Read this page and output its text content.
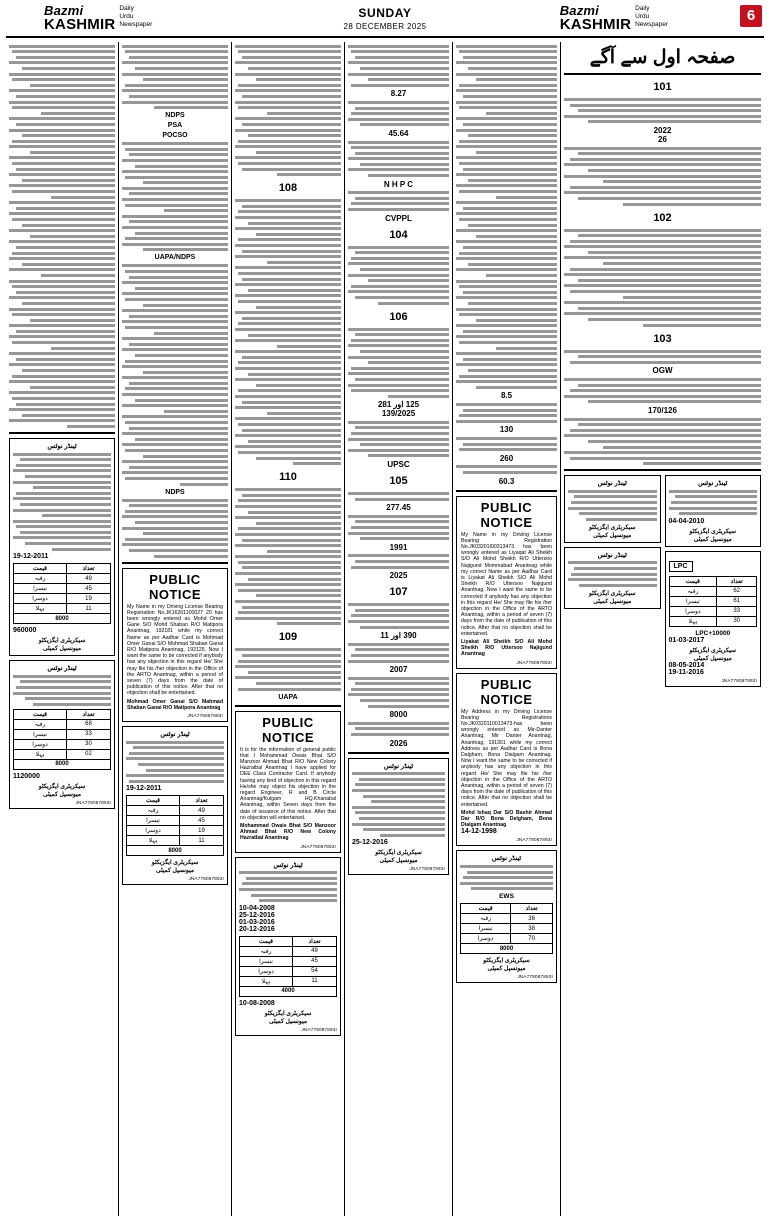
Bazmi
KASHMIR
Daily
Urdu
Newspaper
SUNDAY
28 DECEMBER 2025
Bazmi
KASHMIR
Daily
Urdu
Newspaper
6
ٹینڈر نوٹس
19-12-2011
تعداد	قیمت
49	رقبہ
45	تیسرا
19	دوسرا
11	پہلا
8000	
960000
سیکریٹری ایگزیکٹو
میونسپل کمیٹی
ٹینڈر نوٹس
تعداد	قیمت
68	رقبہ
33	تیسرا
30	دوسرا
02	پہلا
8000	
1120000
سیکریٹری ایگزیکٹو
میونسپل کمیٹی
JNA778087893I
NDPS
PSA
POCSO
UAPA/NDPS
NDPS
PUBLIC NOTICE
My Name in my Driving License Bearing Registration No.JK16201100027 20 has been wrongly entered as Mohd Omer Gane S/O Mohd Shaban R/O Matipora Anantnag, 192181 while my correct Name as per Aadhar Card is Mohmad Omer Ganai S/O Mohmad Shaban Ganai R/O Matipora Anantnag, 192125. Now I want the same to be corrected if anybody has any objection in this regard He/ She may file his /her objection in the Office of the ARTO Anantnag, within a period of seven (7) days from the date of publication of this notice. After that no objection shall be entertained.
Mohmad Omer Ganai S/O Mahmad Shaban Ganai R/O Matipora Anantnag
JNA778087893I
ٹینڈر نوٹس
19-12-2011
تعداد	قیمت
49	رقبہ
45	تیسرا
19	دوسرا
11	پہلا
8000	
سیکریٹری ایگزیکٹو
میونسپل کمیٹی
JNA778087893I
108
110
109
UAPA
PUBLIC NOTICE
It is for the information of general public that I Mohammad Owais Bhat S/O Manzoor Ahmad Bhat R/O New Colony Hazratbal Anantnag I have applied for DEE Class Contractor Card. If anybody having any kind of objection in this regard He/she may object his objection in the regard Engineer, R and B Circle Anantnag/Kulgam HQ.Khanabal Anantnag, within Seven days from the date of issuance of this notice. After that no objection will entertained.
Mohammad Owais Bhat S/O Manzoor Ahmad Bhat R/O New Colony Hazratbal Anantnag
JNA778087893I
ٹینڈر نوٹس
10-04-2008
25-12-2016
01-03-2016
20-12-2016
تعداد	قیمت
49	رقبہ
45	تیسرا
54	دوسرا
11	پہلا
4000	
10-08-2008
سیکریٹری ایگزیکٹو
میونسپل کمیٹی
JNA778087893I
8.27
45.64
N H P C
CVPPL
104
106
125 اور 281
139/2025
UPSC
105
277.45
1991
2025
107
390 اور 11
2007
8000
2026
ٹینڈر نوٹس
25-12-2016
سیکریٹری ایگزیکٹو
میونسپل کمیٹی
JNA778087893I
8.5
130
260
60.3
PUBLIC NOTICE
My Name in my Driving License Bearing Registration No.JK03201I00313473 has been wrongly entered as Liyaqat Ali Sheikh S/O Ali Mohd Sheikh R/O Uttersoo Najigund Mommabad Anantnag while my correct Name as per Aadhar Card is Liyakat Ali Sheikh S/O Ali Mohd Sheikh R/O Uttersoo Najigund Anantnag. Now I want the same to be corrected if anybody has any objection in this regard He/ She may file his /her objection in the Office of the ARTO Anantnag, within a period of seven (7) days from the date of publication of this notice. After that no objection shall be entertained.
Liyakat Ali Sheikh S/O Ali Mohd Sheikh R/O Uttersoo Najigund Anantnag
JNA778087893I
PUBLIC NOTICE
My Address in my Driving License Bearing Registrations No.JK0320110013473-has been wrongly entered as Mir-Danter Anantnag, Mir Danter Anantnag, Anantnag, 191301 while my correct Address as per Aadhar Card is Bona Dalgham, Bona Dialgam Anantnag. Now I want the same to be corrected if anybody has any objection in this regard He/ She may file his /her objection in the Office of the ARTO Anantnag, within a period of seven (7) days from the date of publication of this notice. After that no objection shall be entertained.
Mohd Ishaq Dar S/O Bashir Ahmad Dar R/O Bona Delgham, Bona Dialgam Anantnag
14-12-1998
JNA778087893I
ٹینڈر نوٹس
EWS
تعداد	قیمت
36	رقبہ
38	تیسرا
70	دوسرا
8000	
سیکریٹری ایگزیکٹو
میونسپل کمیٹی
JNA778087893I
صفحہ اول سے آگے
101
2022
26
102
103
OGW
170/126
ٹینڈر نوٹس
سیکریٹری ایگزیکٹو
میونسپل کمیٹی
ٹینڈر نوٹس
سیکریٹری ایگزیکٹو
میونسپل کمیٹی
ٹینڈر نوٹس
04-04-2010
سیکریٹری ایگزیکٹو
میونسپل کمیٹی
LPC
تعداد	قیمت
62	رقبہ
61	تیسرا
33	دوسرا
30	پہلا
LPC+10000
01-03-2017
سیکریٹری ایگزیکٹو
میونسپل کمیٹی
08-05-2014
19-11-2016
JNA778087893I
